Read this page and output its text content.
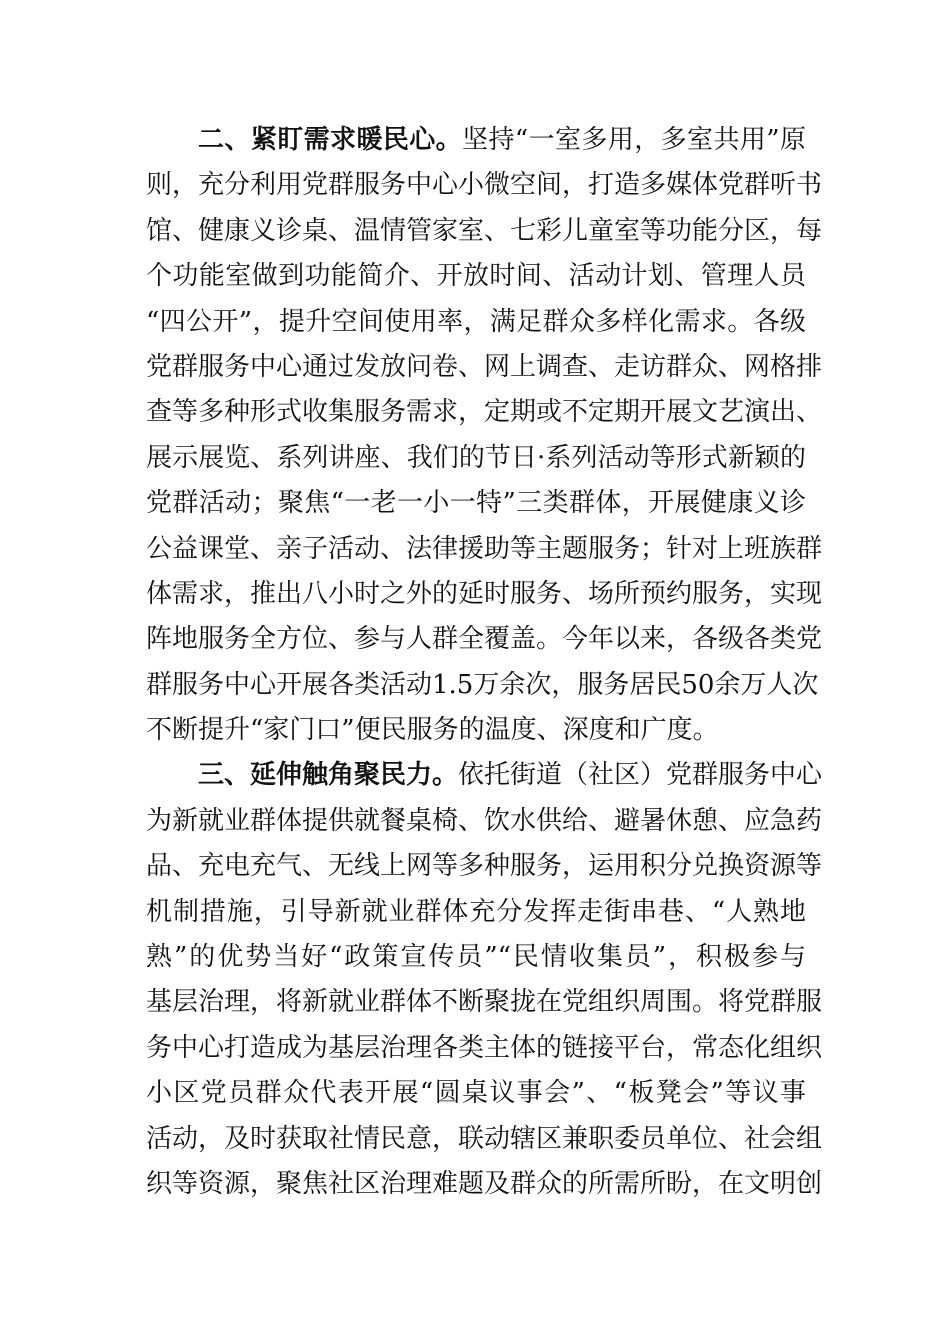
二、紧盯需求暖民心。坚持“一室多用，多室共用”原
则，充分利用党群服务中心小微空间，打造多媒体党群听书
馆、健康义诊桌、温情管家室、七彩儿童室等功能分区，每
个功能室做到功能简介、开放时间、活动计划、管理人员
“四公开”，提升空间使用率，满足群众多样化需求。各级
党群服务中心通过发放问卷、网上调查、走访群众、网格排
查等多种形式收集服务需求，定期或不定期开展文艺演出、
展示展览、系列讲座、我们的节日·系列活动等形式新颖的
党群活动；聚焦“一老一小一特”三类群体，开展健康义诊
公益课堂、亲子活动、法律援助等主题服务；针对上班族群
体需求，推出八小时之外的延时服务、场所预约服务，实现
阵地服务全方位、参与人群全覆盖。今年以来，各级各类党
群服务中心开展各类活动1.5万余次，服务居民50余万人次
不断提升“家门口”便民服务的温度、深度和广度。
三、延伸触角聚民力。依托街道（社区）党群服务中心
为新就业群体提供就餐桌椅、饮水供给、避暑休憩、应急药
品、充电充气、无线上网等多种服务，运用积分兑换资源等
机制措施，引导新就业群体充分发挥走街串巷、“人熟地
熟”的优势当好“政策宣传员”“民情收集员”，积极参与
基层治理，将新就业群体不断聚拢在党组织周围。将党群服
务中心打造成为基层治理各类主体的链接平台，常态化组织
小区党员群众代表开展“圆桌议事会”、“板凳会”等议事
活动，及时获取社情民意，联动辖区兼职委员单位、社会组
织等资源，聚焦社区治理难题及群众的所需所盼，在文明创
